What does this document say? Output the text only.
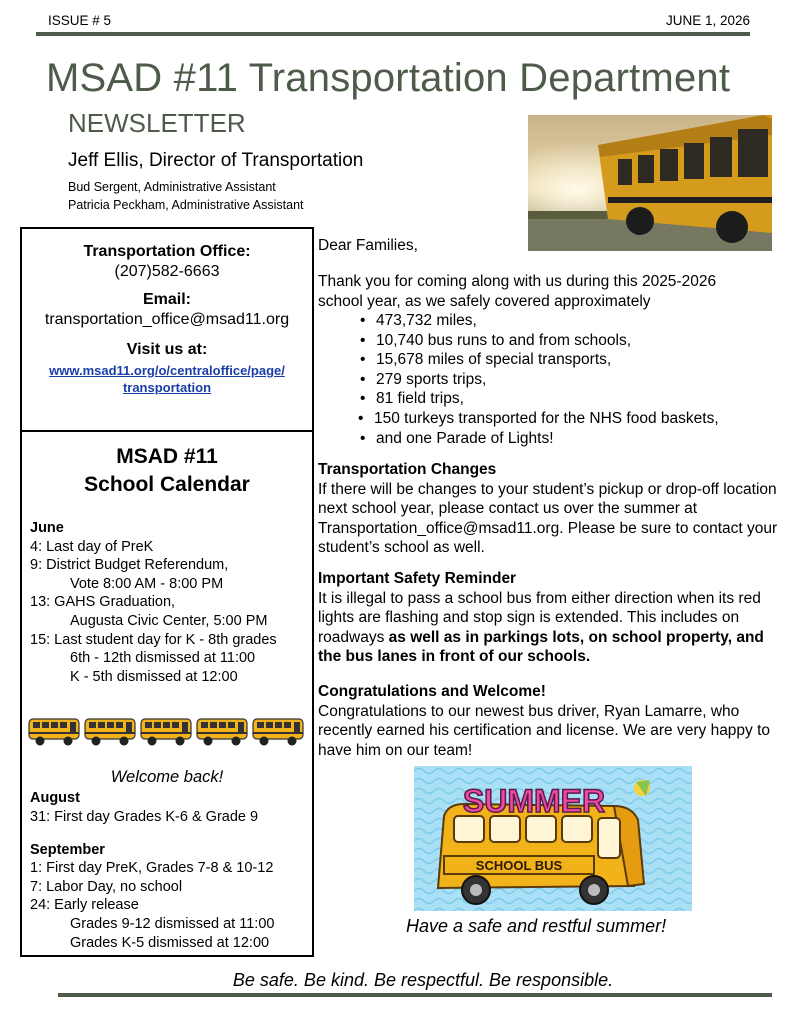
ISSUE # 5	JUNE 1, 2026
MSAD #11 Transportation Department
NEWSLETTER
Jeff Ellis, Director of Transportation
Bud Sergent, Administrative Assistant
Patricia Peckham, Administrative Assistant
Transportation Office:
(207)582-6663
Email:
transportation_office@msad11.org
Visit us at:
www.msad11.org/o/centraloffice/page/
transportation
MSAD #11
School Calendar
June
4: Last day of PreK
9: District Budget Referendum,
Vote 8:00 AM - 8:00 PM
13: GAHS Graduation,
Augusta Civic Center, 5:00 PM
15: Last student day for K - 8th grades
6th - 12th dismissed at 11:00
K - 5th dismissed at 12:00
Welcome back!
August
31: First day Grades K-6 & Grade 9
September
1: First day PreK, Grades 7-8 & 10-12
7: Labor Day, no school
24: Early release
Grades 9-12 dismissed at 11:00
Grades K-5 dismissed at 12:00
Dear Families,
Thank you for coming along with us during this 2025-2026 school year, as we safely covered approximately
• 473,732 miles,
• 10,740 bus runs to and from schools,
• 15,678 miles of special transports,
• 279 sports trips,
• 81 field trips,
• 150 turkeys transported for the NHS food baskets,
• and one Parade of Lights!
Transportation Changes

If there will be changes to your student’s pickup or drop-off location next school year, please contact us over the summer at Transportation_office@msad11.org. Please be sure to contact your student’s school as well.

Important Safety Reminder

It is illegal to pass a school bus from either direction when its red lights are flashing and stop sign is extended. This includes on roadways as well as in parkings lots, on school property, and the bus lanes in front of our schools.

Congratulations and Welcome!

Congratulations to our newest bus driver, Ryan Lamarre, who recently earned his certification and license. We are very happy to have him on our team!

SCHOOL BUS
SUMMER
Have a safe and restful summer!
Be safe. Be kind. Be respectful. Be responsible.
